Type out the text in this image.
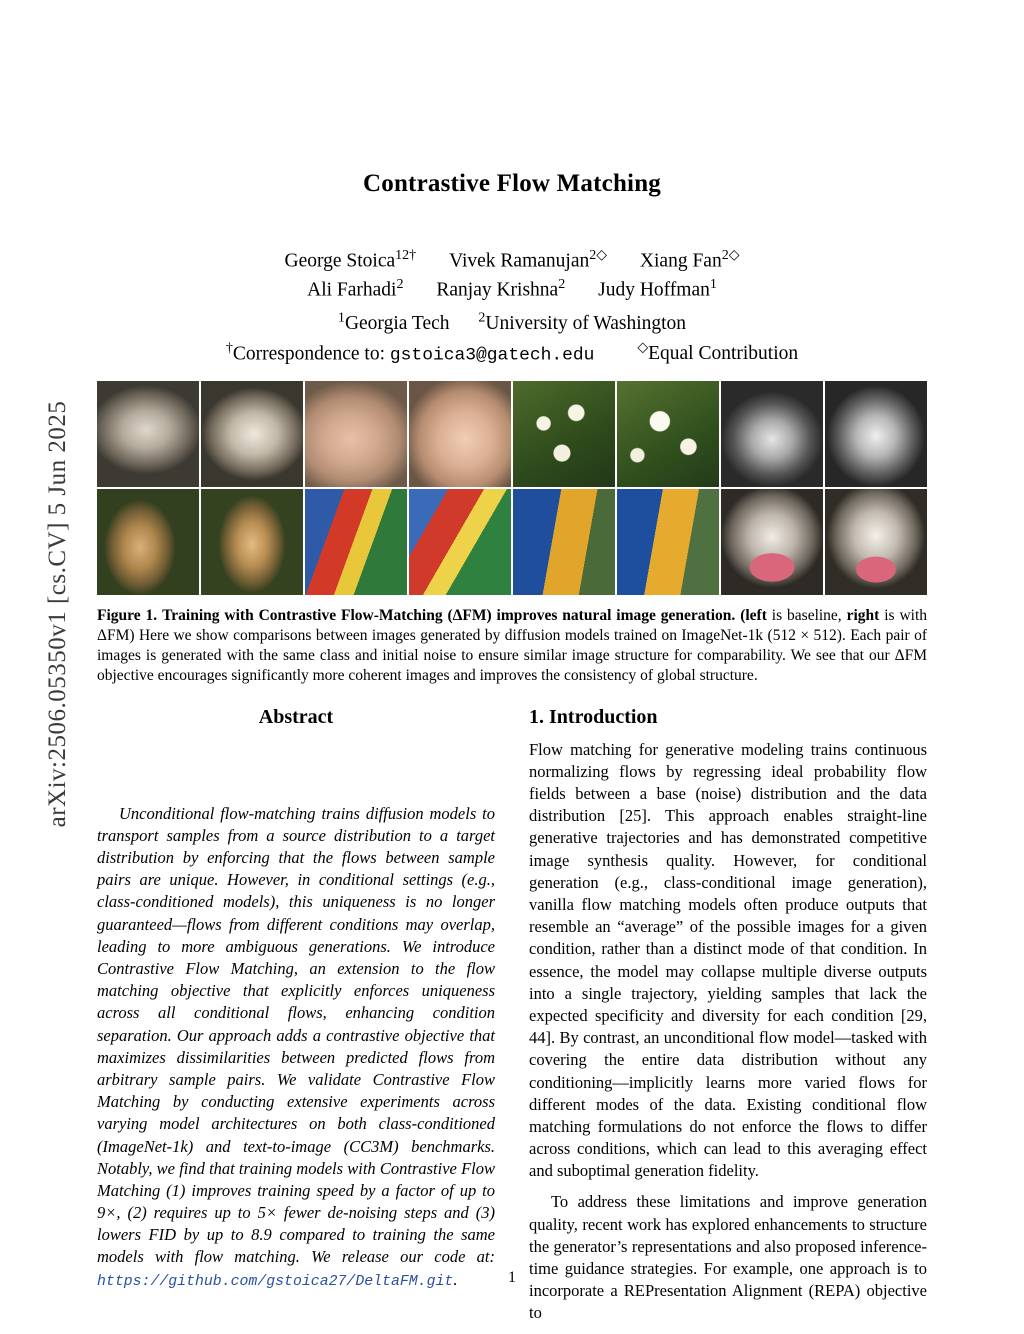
arXiv:2506.05350v1 [cs.CV] 5 Jun 2025
Contrastive Flow Matching
George Stoica$^{12\dagger}$ Vivek Ramanujan$^{2◇}$ Xiang Fan$^{2◇}$
Ali Farhadi$^2$ Ranjay Krishna$^2$ Judy Hoffman$^1$
$^1$Georgia Tech $^2$University of Washington
†Correspondence to: gstoica3@gatech.edu	◇Equal Contribution
Figure 1. Training with Contrastive Flow-Matching (ΔFM) improves natural image generation. (left is baseline, right is with ΔFM) Here we show comparisons between images generated by diffusion models trained on ImageNet-1k (512 × 512). Each pair of images is generated with the same class and initial noise to ensure similar image structure for comparability. We see that our ΔFM objective encourages significantly more coherent images and improves the consistency of global structure.
Abstract
Unconditional flow-matching trains diffusion models to transport samples from a source distribution to a target distribution by enforcing that the flows between sample pairs are unique. However, in conditional settings (e.g., class-conditioned models), this uniqueness is no longer guaranteed—flows from different conditions may overlap, leading to more ambiguous generations. We introduce Contrastive Flow Matching, an extension to the flow matching objective that explicitly enforces uniqueness across all conditional flows, enhancing condition separation. Our approach adds a contrastive objective that maximizes dissimilarities between predicted flows from arbitrary sample pairs. We validate Contrastive Flow Matching by conducting extensive experiments across varying model architectures on both class-conditioned (ImageNet-1k) and text-to-image (CC3M) benchmarks. Notably, we find that training models with Contrastive Flow Matching (1) improves training speed by a factor of up to 9×, (2) requires up to 5× fewer de-noising steps and (3) lowers FID by up to 8.9 compared to training the same models with flow matching. We release our code at: https://github.com/gstoica27/DeltaFM.git.
1. Introduction

Flow matching for generative modeling trains continuous normalizing flows by regressing ideal probability flow fields between a base (noise) distribution and the data distribution [25]. This approach enables straight-line generative trajectories and has demonstrated competitive image synthesis quality. However, for conditional generation (e.g., class-conditional image generation), vanilla flow matching models often produce outputs that resemble an “average” of the possible images for a given condition, rather than a distinct mode of that condition. In essence, the model may collapse multiple diverse outputs into a single trajectory, yielding samples that lack the expected specificity and diversity for each condition [29, 44]. By contrast, an unconditional flow model—tasked with covering the entire data distribution without any conditioning—implicitly learns more varied flows for different modes of the data. Existing conditional flow matching formulations do not enforce the flows to differ across conditions, which can lead to this averaging effect and suboptimal generation fidelity.

To address these limitations and improve generation quality, recent work has explored enhancements to structure the generator’s representations and also proposed inference-time guidance strategies. For example, one approach is to incorporate a REPresentation Alignment (REPA) objective to

1
